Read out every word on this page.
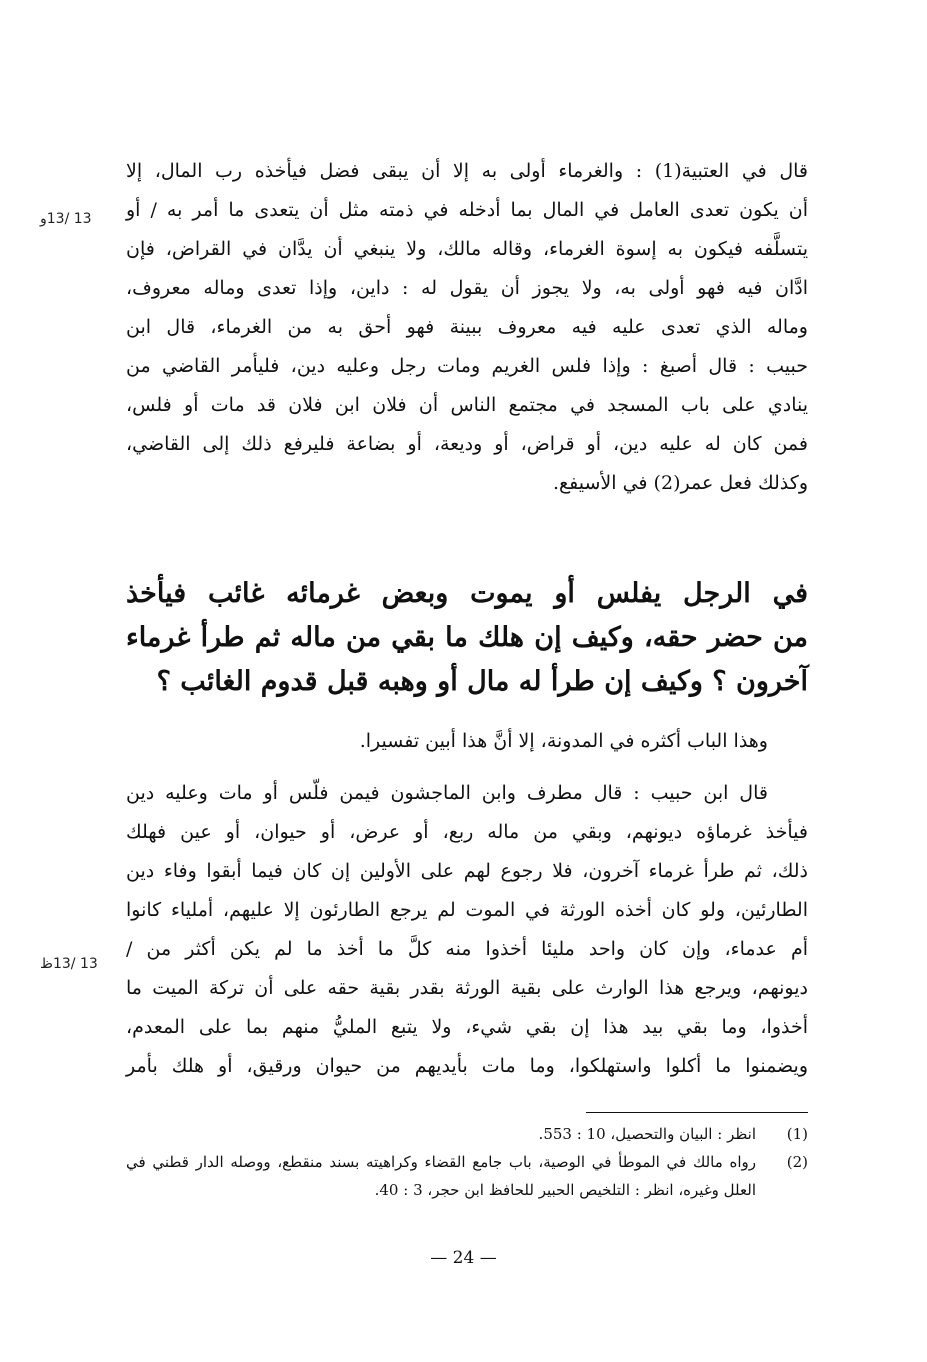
قال في العتبية(1) : والغرماء أولى به إلا أن يبقى فضل فيأخذه رب المال، إلا
أن يكون تعدى العامل في المال بما أدخله في ذمته مثل أن يتعدى ما أمر به / أو
يتسلَّفه فيكون به إسوة الغرماء، وقاله مالك، ولا ينبغي أن يدَّان في القراض، فإن
ادَّان فيه فهو أولى به، ولا يجوز أن يقول له : داين، وإذا تعدى وماله معروف،
وماله الذي تعدى عليه فيه معروف ببينة فهو أحق به من الغرماء، قال ابن
حبيب : قال أصبغ : وإذا فلس الغريم ومات رجل وعليه دين، فليأمر القاضي من
ينادي على باب المسجد في مجتمع الناس أن فلان ابن فلان قد مات أو فلس،
فمن كان له عليه دين، أو قراض، أو وديعة، أو بضاعة فليرفع ذلك إلى القاضي،
وكذلك فعل عمر(2) في الأسيفع.
13 /13و
في الرجل يفلس أو يموت وبعض غرمائه غائب فيأخذ
من حضر حقه، وكيف إن هلك ما بقي من ماله ثم طرأ غرماء
آخرون ؟ وكيف إن طرأ له مال أو وهبه قبل قدوم الغائب ؟
وهذا الباب أكثره في المدونة، إلا أنَّ هذا أبين تفسيرا.
قال ابن حبيب : قال مطرف وابن الماجشون فيمن فلّس أو مات وعليه دين
فيأخذ غرماؤه ديونهم، وبقي من ماله ربع، أو عرض، أو حيوان، أو عين فهلك
ذلك، ثم طرأ غرماء آخرون، فلا رجوع لهم على الأولين إن كان فيما أبقوا وفاء دين
الطارئين، ولو كان أخذه الورثة في الموت لم يرجع الطارئون إلا عليهم، أملياء كانوا
أم عدماء، وإن كان واحد مليئا أخذوا منه كلَّ ما أخذ ما لم يكن أكثر من /
ديونهم، ويرجع هذا الوارث على بقية الورثة بقدر بقية حقه على أن تركة الميت ما
أخذوا، وما بقي بيد هذا إن بقي شيء، ولا يتبع المليُّ منهم بما على المعدم،
ويضمنوا ما أكلوا واستهلكوا، وما مات بأيديهم من حيوان ورقيق، أو هلك بأمر
13 /13ظ
(1)
انظر : البيان والتحصيل، 10 : 553.
(2)
رواه مالك في الموطأ في الوصية، باب جامع القضاء وكراهيته بسند منقطع، ووصله الدار قطني في العلل وغيره، انظر : التلخيص الحبير للحافظ ابن حجر، 3 : 40.
— 24 —
